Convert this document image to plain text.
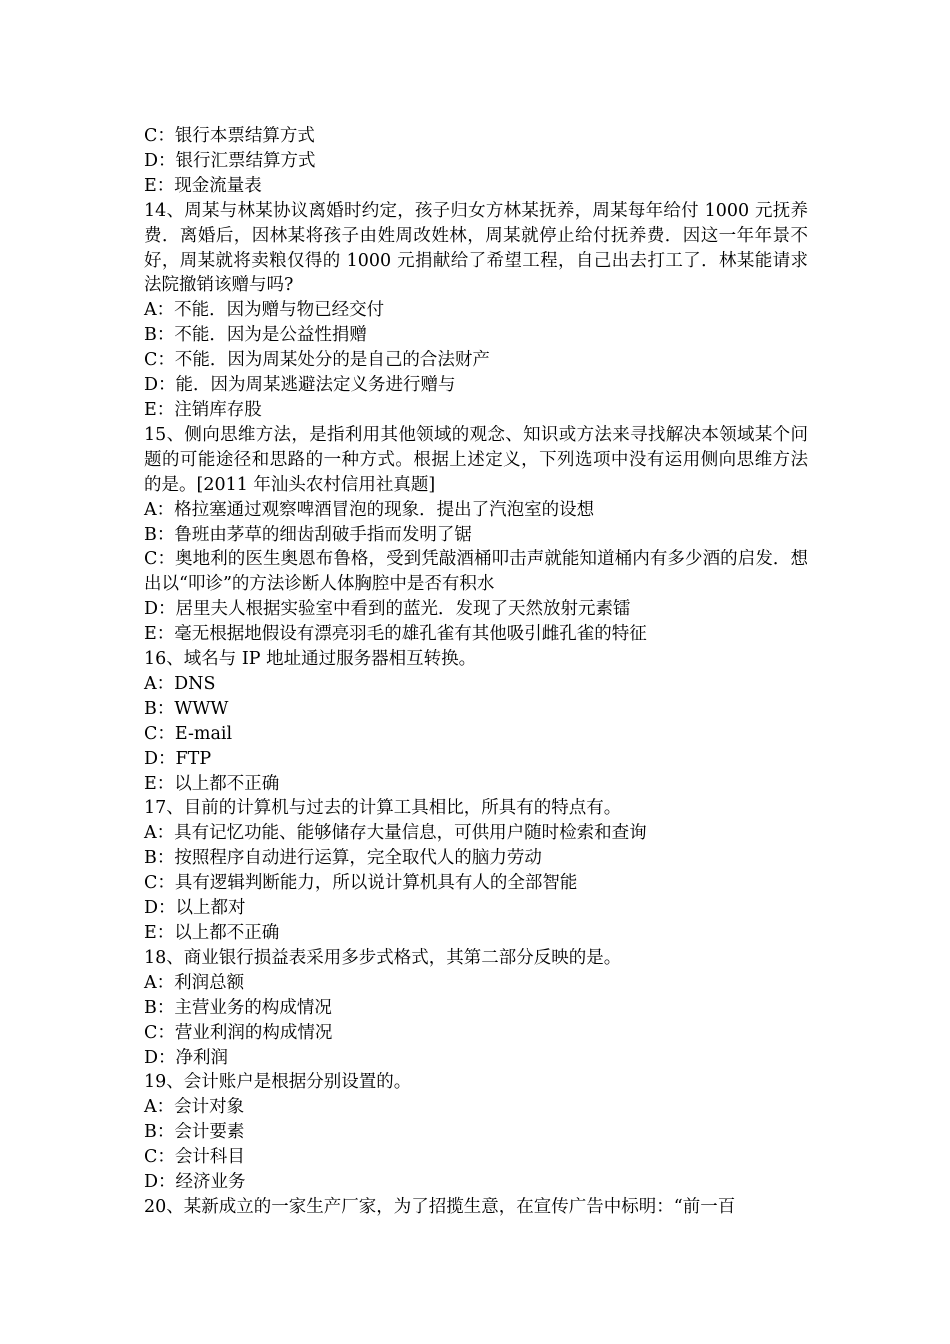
C：银行本票结算方式
D：银行汇票结算方式
E：现金流量表
14、周某与林某协议离婚时约定，孩子归女方林某抚养，周某每年给付 1000 元抚养费．离婚后，因林某将孩子由姓周改姓林，周某就停止给付抚养费．因这一年年景不好，周某就将卖粮仅得的 1000 元捐献给了希望工程，自己出去打工了．林某能请求法院撤销该赠与吗?
A：不能．因为赠与物已经交付
B：不能．因为是公益性捐赠
C：不能．因为周某处分的是自己的合法财产
D：能．因为周某逃避法定义务进行赠与
E：注销库存股
15、侧向思维方法，是指利用其他领域的观念、知识或方法来寻找解决本领域某个问题的可能途径和思路的一种方式。根据上述定义，下列选项中没有运用侧向思维方法的是。[2011 年汕头农村信用社真题]
A：格拉塞通过观察啤酒冒泡的现象．提出了汽泡室的设想
B：鲁班由茅草的细齿刮破手指而发明了锯
C：奥地利的医生奥恩布鲁格，受到凭敲酒桶叩击声就能知道桶内有多少酒的启发．想出以“叩诊”的方法诊断人体胸腔中是否有积水
D：居里夫人根据实验室中看到的蓝光．发现了天然放射元素镭
E：毫无根据地假设有漂亮羽毛的雄孔雀有其他吸引雌孔雀的特征
16、域名与 IP 地址通过服务器相互转换。
A：DNS
B：WWW
C：E-mail
D：FTP
E：以上都不正确
17、目前的计算机与过去的计算工具相比，所具有的特点有。
A：具有记忆功能、能够储存大量信息，可供用户随时检索和查询
B：按照程序自动进行运算，完全取代人的脑力劳动
C：具有逻辑判断能力，所以说计算机具有人的全部智能
D：以上都对
E：以上都不正确
18、商业银行损益表采用多步式格式，其第二部分反映的是。
A：利润总额
B：主营业务的构成情况
C：营业利润的构成情况
D：净利润
19、会计账户是根据分别设置的。
A：会计对象
B：会计要素
C：会计科目
D：经济业务
20、某新成立的一家生产厂家，为了招揽生意，在宣传广告中标明：“前一百
